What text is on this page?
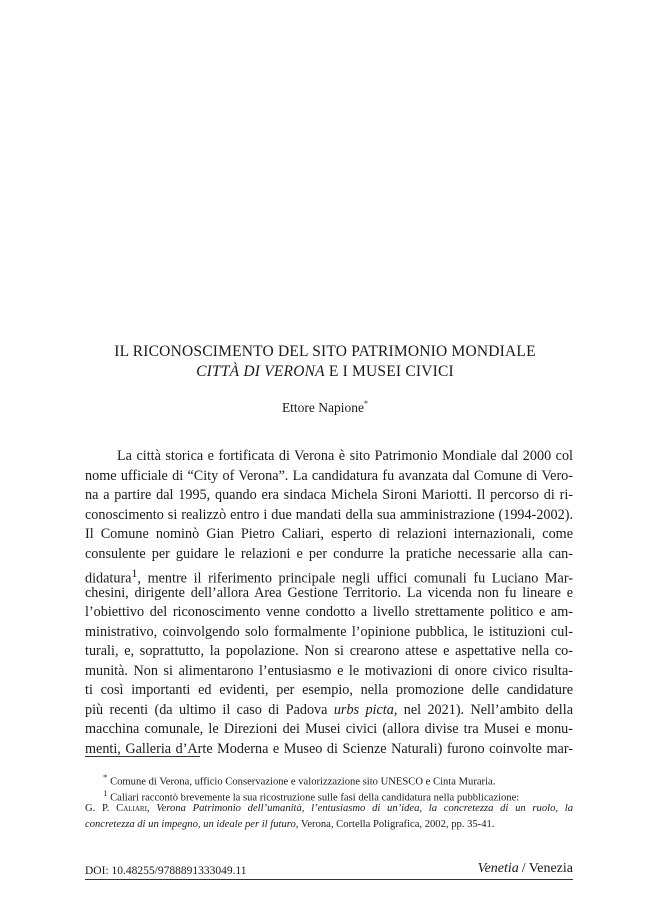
IL RICONOSCIMENTO DEL SITO PATRIMONIO MONDIALE
CITTÀ DI VERONA E I MUSEI CIVICI
Ettore Napione*
La città storica e fortificata di Verona è sito Patrimonio Mondiale dal 2000 col
nome ufficiale di “City of Verona”. La candidatura fu avanzata dal Comune di Vero-
na a partire dal 1995, quando era sindaca Michela Sironi Mariotti. Il percorso di ri-
conoscimento si realizzò entro i due mandati della sua amministrazione (1994-2002).
Il Comune nominò Gian Pietro Caliari, esperto di relazioni internazionali, come
consulente per guidare le relazioni e per condurre la pratiche necessarie alla can-
didatura$^1$, mentre il riferimento principale negli uffici comunali fu Luciano Mar-
chesini, dirigente dell’allora Area Gestione Territorio. La vicenda non fu lineare e
l’obiettivo del riconoscimento venne condotto a livello strettamente politico e am-
ministrativo, coinvolgendo solo formalmente l’opinione pubblica, le istituzioni cul-
turali, e, soprattutto, la popolazione. Non si crearono attese e aspettative nella co-
munità. Non si alimentarono l’entusiasmo e le motivazioni di onore civico risulta-
ti così importanti ed evidenti, per esempio, nella promozione delle candidature
più recenti (da ultimo il caso di Padova urbs picta, nel 2021). Nell’ambito della
macchina comunale, le Direzioni dei Musei civici (allora divise tra Musei e monu-
menti, Galleria d’Arte Moderna e Museo di Scienze Naturali) furono coinvolte mar-
* Comune di Verona, ufficio Conservazione e valorizzazione sito UNESCO e Cinta Muraria.
$^1$ Caliari raccontò brevemente la sua ricostruzione sulle fasi della candidatura nella pubblicazione:
G. P. Caliari, Verona Patrimonio dell’umanità, l’entusiasmo di un’idea, la concretezza di un ruolo, la
concretezza di un impegno, un ideale per il futuro, Verona, Cortella Poligrafica, 2002, pp. 35-41.
DOI: 10.48255/9788891333049.11	Venetia / Venezia
